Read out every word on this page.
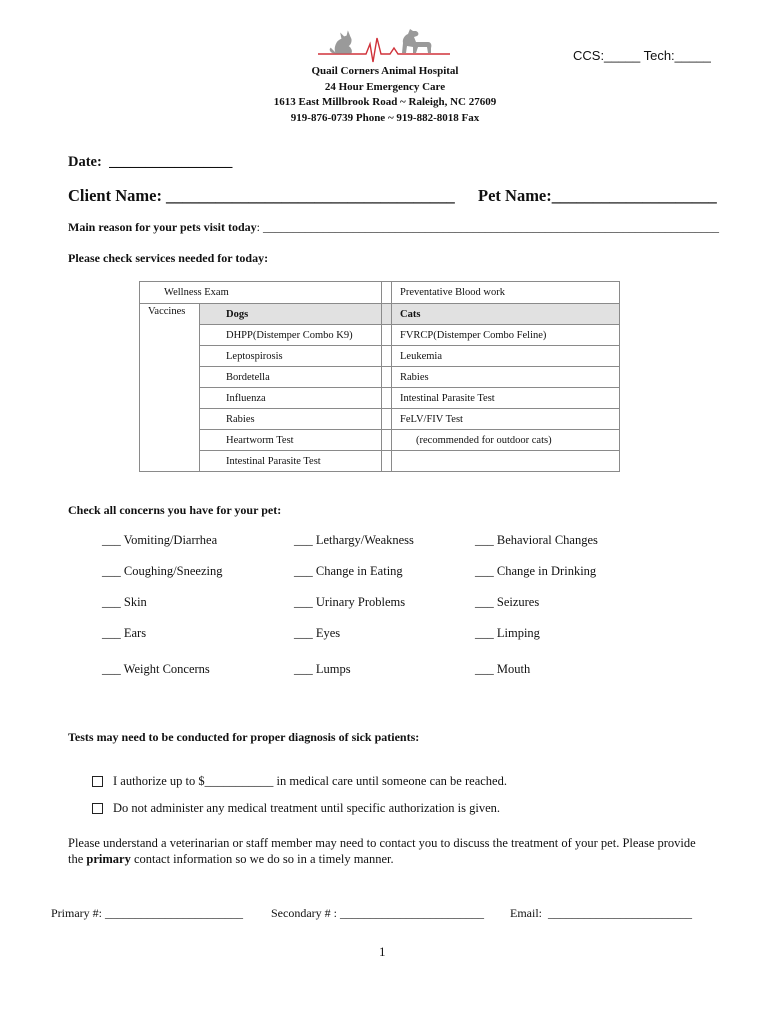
CCS:_____ Tech:_____
Quail Corners Animal Hospital
24 Hour Emergency Care
1613 East Millbrook Road ~ Raleigh, NC 27609
919-876-0739 Phone ~ 919-882-8018 Fax
Date:  _________________
Client Name: ___________________________________ Pet Name:____________________
Main reason for your pets visit today: ____________________________________________________________________________
Please check services needed for today:
Wellness Exam			Preventative Blood work
Vaccines	Dogs		Cats
	DHPP(Distemper Combo K9)		FVRCP(Distemper Combo Feline)
	Leptospirosis		Leukemia
	Bordetella		Rabies
	Influenza		Intestinal Parasite Test
	Rabies		FeLV/FIV Test
	Heartworm Test		(recommended for outdoor cats)
	Intestinal Parasite Test		
Check all concerns you have for your pet:
___ Vomiting/Diarrhea	___ Lethargy/Weakness	___ Behavioral Changes
___ Coughing/Sneezing	___ Change in Eating	___ Change in Drinking
___ Skin	___ Urinary Problems	___ Seizures
___ Ears	___ Eyes	___ Limping
___ Weight Concerns	___ Lumps	___ Mouth
Tests may need to be conducted for proper diagnosis of sick patients:
I authorize up to $___________ in medical care until someone can be reached.
Do not administer any medical treatment until specific authorization is given.
Please understand a veterinarian or staff member may need to contact you to discuss the treatment of your pet. Please provide the primary contact information so we do so in a timely manner.
Primary #: _______________________ Secondary # : ________________________ Email:  ________________________
1
